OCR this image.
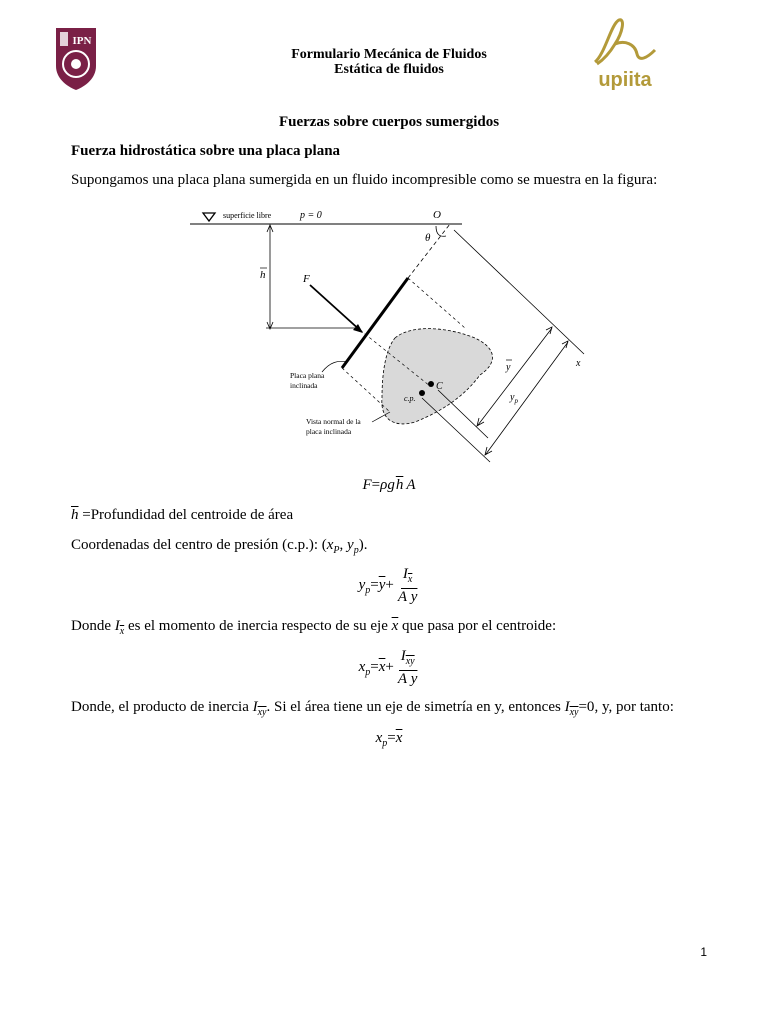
IPN
Formulario Mecánica de Fluidos
Estática de fluidos	upiita
Fuerzas sobre cuerpos sumergidos
Fuerza hidrostática sobre una placa plana
Supongamos una placa plana sumergida en un fluido incompresible como se muestra en la figura:
superficie libre	p = 0	O
θ
h	F
C
c.p.
x
y
$y_p$
Placa plana
inclinada
Vista normal de la
placa inclinada
$F=\rho g\overline{h}$ A
$\overline{h}$ =Profundidad del centroide de área
Coordenadas del centro de presión (c.p.): ($x_P$, $y_p$).
$y_p=\overline{y}+ \frac{I_{\overline{x}}}{A \overline{y}}$
Donde $I_{\overline{x}}$ es el momento de inercia respecto de su eje $\overline{x}$ que pasa por el centroide:
$x_p=\overline{x}+ \frac{I_{\overline{xy}}}{A \overline{y}}$
Donde, el producto de inercia $I_{\overline{xy}}$. Si el área tiene un eje de simetría en y, entonces $I_{\overline{xy}}=0$, y, por tanto:
$x_p=\overline{x}$
1
